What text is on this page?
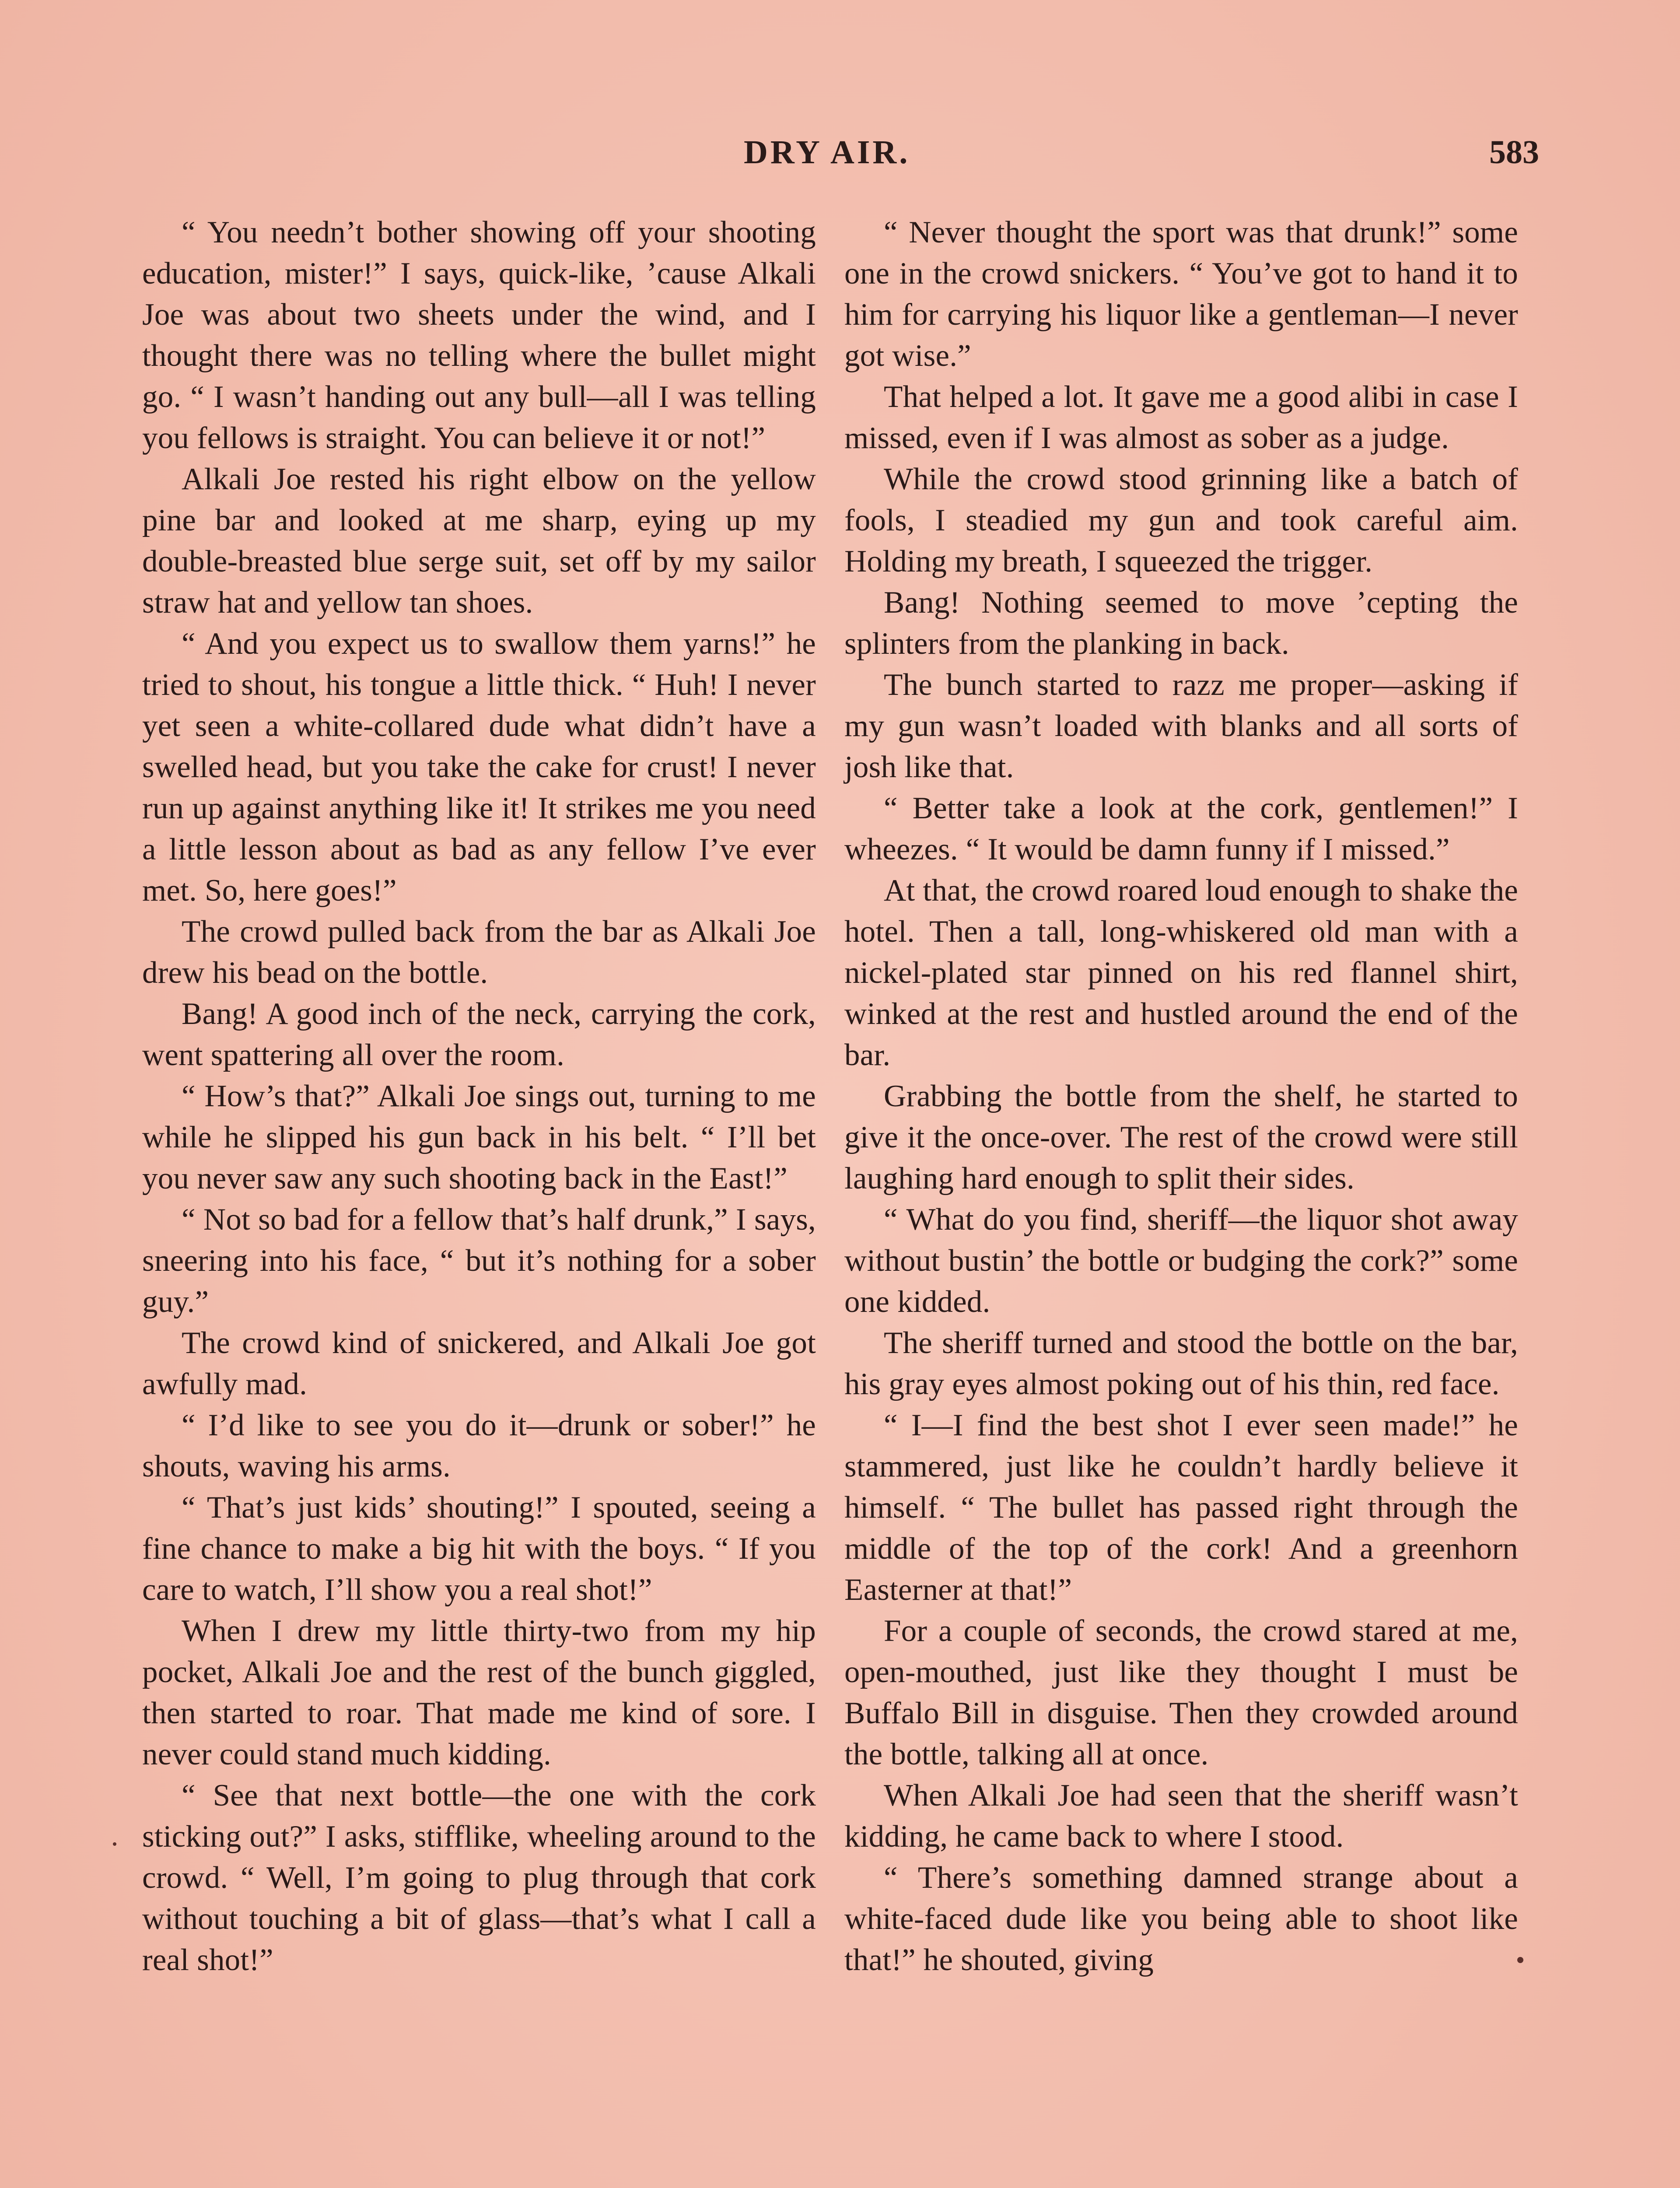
DRY AIR.	583

“ You needn’t bother showing off your shooting education, mister!” I says, quick-like, ’cause Alkali Joe was about two sheets under the wind, and I thought there was no telling where the bullet might go. “ I wasn’t handing out any bull—all I was telling you fellows is straight. You can believe it or not!”

Alkali Joe rested his right elbow on the yellow pine bar and looked at me sharp, eying up my double-breasted blue serge suit, set off by my sailor straw hat and yellow tan shoes.

“ And you expect us to swallow them yarns!” he tried to shout, his tongue a little thick. “ Huh! I never yet seen a white-collared dude what didn’t have a swelled head, but you take the cake for crust! I never run up against anything like it! It strikes me you need a little lesson about as bad as any fellow I’ve ever met. So, here goes!”

The crowd pulled back from the bar as Alkali Joe drew his bead on the bottle.

Bang! A good inch of the neck, carrying the cork, went spattering all over the room.

“ How’s that?” Alkali Joe sings out, turning to me while he slipped his gun back in his belt. “ I’ll bet you never saw any such shooting back in the East!”

“ Not so bad for a fellow that’s half drunk,” I says, sneering into his face, “ but it’s nothing for a sober guy.”

The crowd kind of snickered, and Alkali Joe got awfully mad.

“ I’d like to see you do it—drunk or sober!” he shouts, waving his arms.

“ That’s just kids’ shouting!” I spouted, seeing a fine chance to make a big hit with the boys. “ If you care to watch, I’ll show you a real shot!”

When I drew my little thirty-two from my hip pocket, Alkali Joe and the rest of the bunch giggled, then started to roar. That made me kind of sore. I never could stand much kidding.

“ See that next bottle—the one with the cork sticking out?” I asks, stifflike, wheeling around to the crowd. “ Well, I’m going to plug through that cork without touching a bit of glass—that’s what I call a real shot!”

“ Never thought the sport was that drunk!” some one in the crowd snickers. “ You’ve got to hand it to him for carrying his liquor like a gentleman—I never got wise.”

That helped a lot. It gave me a good alibi in case I missed, even if I was almost as sober as a judge.

While the crowd stood grinning like a batch of fools, I steadied my gun and took careful aim. Holding my breath, I squeezed the trigger.

Bang! Nothing seemed to move ’cepting the splinters from the planking in back.

The bunch started to razz me proper—asking if my gun wasn’t loaded with blanks and all sorts of josh like that.

“ Better take a look at the cork, gentlemen!” I wheezes. “ It would be damn funny if I missed.”

At that, the crowd roared loud enough to shake the hotel. Then a tall, long-whiskered old man with a nickel-plated star pinned on his red flannel shirt, winked at the rest and hustled around the end of the bar.

Grabbing the bottle from the shelf, he started to give it the once-over. The rest of the crowd were still laughing hard enough to split their sides.

“ What do you find, sheriff—the liquor shot away without bustin’ the bottle or budging the cork?” some one kidded.

The sheriff turned and stood the bottle on the bar, his gray eyes almost poking out of his thin, red face.

“ I—I find the best shot I ever seen made!” he stammered, just like he couldn’t hardly believe it himself. “ The bullet has passed right through the middle of the top of the cork! And a greenhorn Easterner at that!”

For a couple of seconds, the crowd stared at me, open-mouthed, just like they thought I must be Buffalo Bill in disguise. Then they crowded around the bottle, talking all at once.

When Alkali Joe had seen that the sheriff wasn’t kidding, he came back to where I stood.

“ There’s something damned strange about a white-faced dude like you being able to shoot like that!” he shouted, giving
